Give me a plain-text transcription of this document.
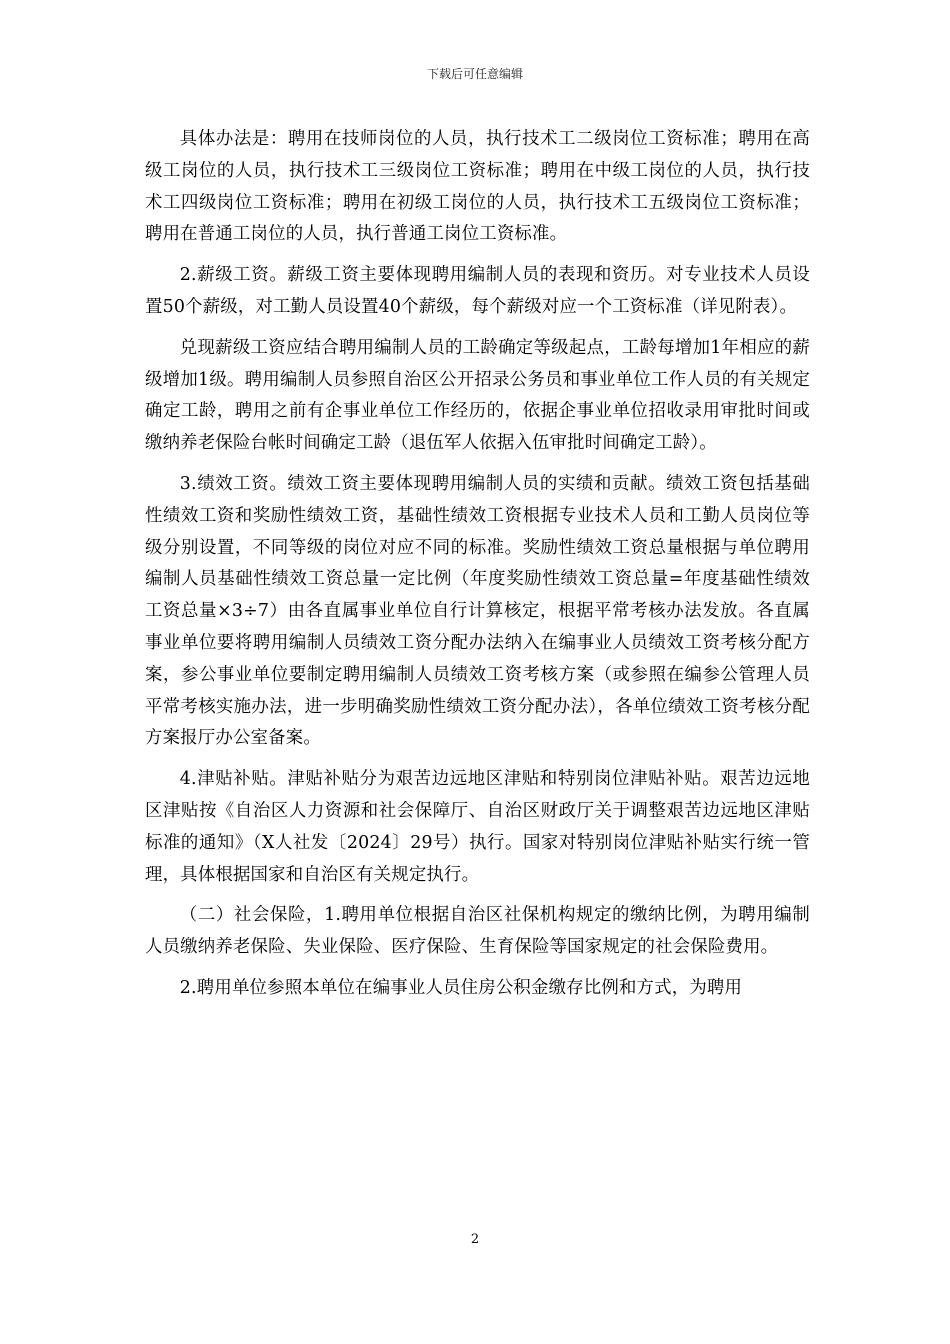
下载后可任意编辑

具体办法是：聘用在技师岗位的人员，执行技术工二级岗位工资标准；聘用在高级工岗位的人员，执行技术工三级岗位工资标准；聘用在中级工岗位的人员，执行技术工四级岗位工资标准；聘用在初级工岗位的人员，执行技术工五级岗位工资标准；聘用在普通工岗位的人员，执行普通工岗位工资标准。

2.薪级工资。薪级工资主要体现聘用编制人员的表现和资历。对专业技术人员设置50个薪级，对工勤人员设置40个薪级，每个薪级对应一个工资标准（详见附表）。

兑现薪级工资应结合聘用编制人员的工龄确定等级起点，工龄每增加1年相应的薪级增加1级。聘用编制人员参照自治区公开招录公务员和事业单位工作人员的有关规定确定工龄，聘用之前有企事业单位工作经历的，依据企事业单位招收录用审批时间或缴纳养老保险台帐时间确定工龄（退伍军人依据入伍审批时间确定工龄）。

3.绩效工资。绩效工资主要体现聘用编制人员的实绩和贡献。绩效工资包括基础性绩效工资和奖励性绩效工资，基础性绩效工资根据专业技术人员和工勤人员岗位等级分别设置，不同等级的岗位对应不同的标准。奖励性绩效工资总量根据与单位聘用编制人员基础性绩效工资总量一定比例（年度奖励性绩效工资总量=年度基础性绩效工资总量×3÷7）由各直属事业单位自行计算核定，根据平常考核办法发放。各直属事业单位要将聘用编制人员绩效工资分配办法纳入在编事业人员绩效工资考核分配方案，参公事业单位要制定聘用编制人员绩效工资考核方案（或参照在编参公管理人员平常考核实施办法，进一步明确奖励性绩效工资分配办法），各单位绩效工资考核分配方案报厅办公室备案。

4.津贴补贴。津贴补贴分为艰苦边远地区津贴和特别岗位津贴补贴。艰苦边远地区津贴按《自治区人力资源和社会保障厅、自治区财政厅关于调整艰苦边远地区津贴标准的通知》（X人社发〔2024〕29号）执行。国家对特别岗位津贴补贴实行统一管理，具体根据国家和自治区有关规定执行。

（二）社会保险，1.聘用单位根据自治区社保机构规定的缴纳比例，为聘用编制人员缴纳养老保险、失业保险、医疗保险、生育保险等国家规定的社会保险费用。

2.聘用单位参照本单位在编事业人员住房公积金缴存比例和方式，为聘用

2
